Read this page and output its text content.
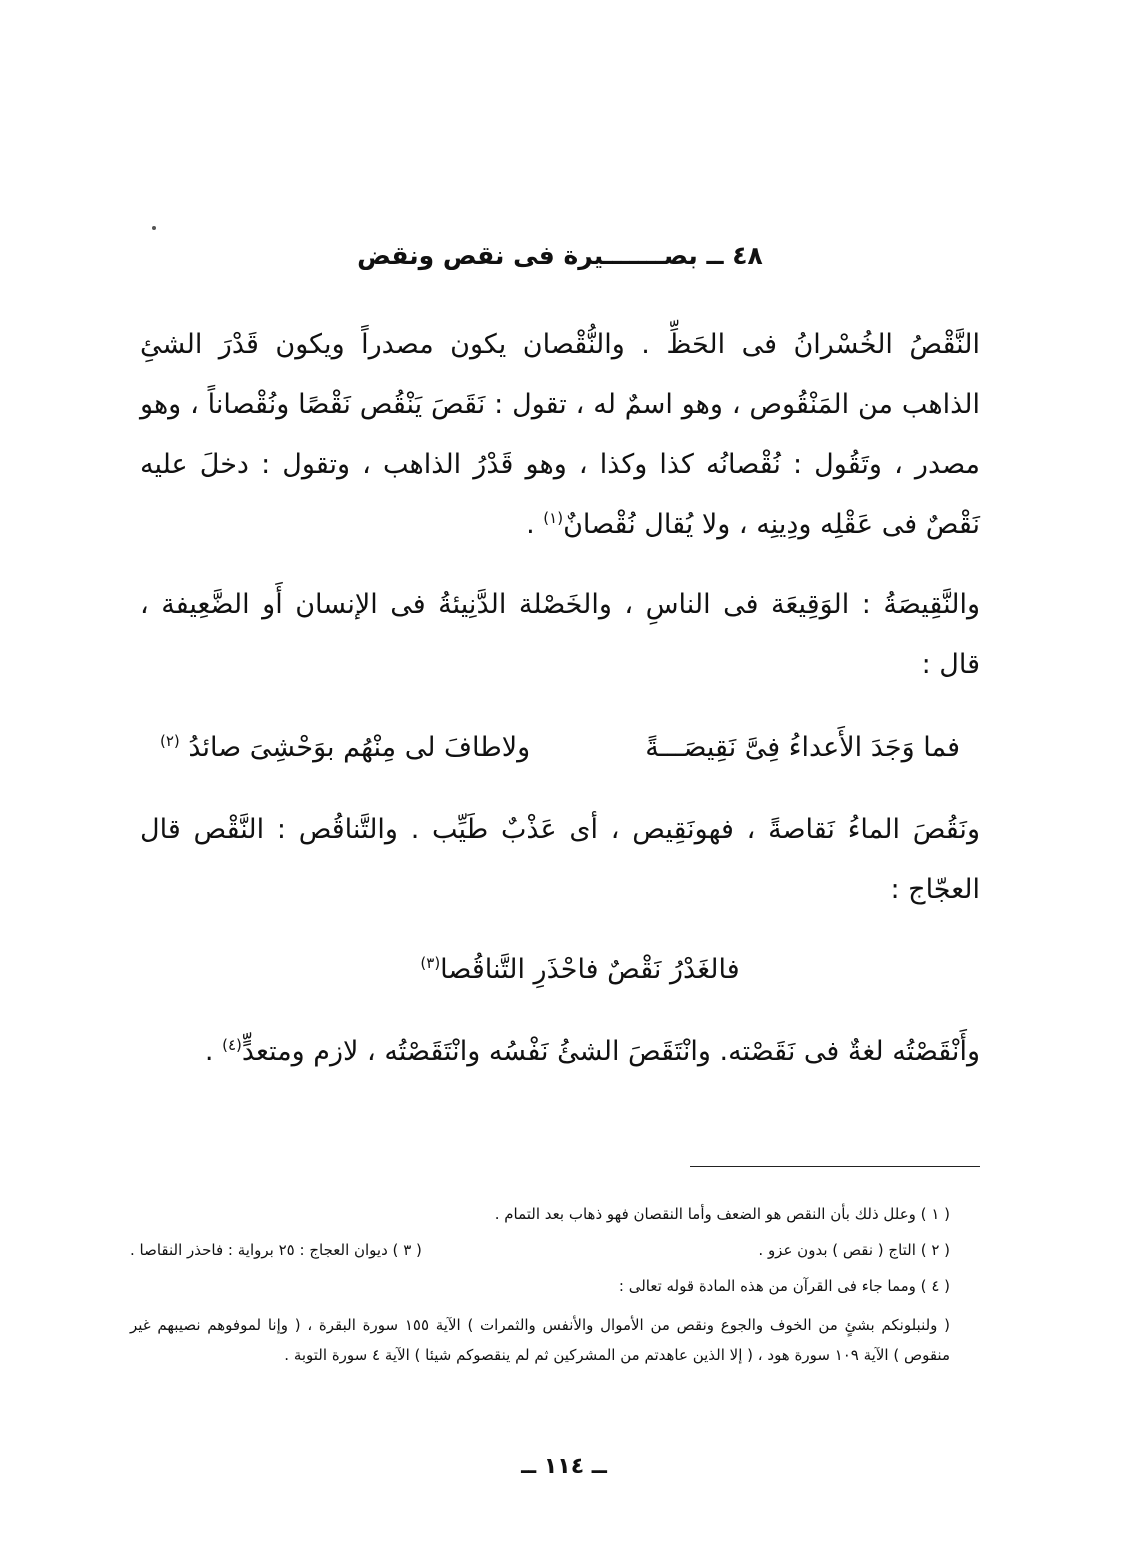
٤٨ ــ بصـــــــيرة فى نقص ونقض
النَّقْصُ الخُسْرانُ فى الحَظِّ . والنُّقْصان يكون مصدراً ويكون قَدْرَ الشئِ الذاهب من المَنْقُوص ، وهو اسمٌ له ، تقول : نَقَصَ يَنْقُص نَقْصًا ونُقْصاناً ، وهو مصدر ، وتَقُول : نُقْصانُه كذا وكذا ، وهو قَدْرُ الذاهب ، وتقول : دخلَ عليه نَقْصٌ فى عَقْلِه ودِينِه ، ولا يُقال نُقْصانٌ$^{(١)}$ .
والنَّقِيصَةُ : الوَقِيعَة فى الناسِ ، والخَصْلة الدَّنِيئةُ فى الإنسان أَو الضَّعِيفة ، قال :
فما وَجَدَ الأَعداءُ فِىَّ نَقِيصَـــةً
ولاطافَ لى مِنْهُم بوَحْشِىَ صائدُ $^{(٢)}$
ونَقُصَ الماءُ نَقاصةً ، فهونَقِيص ، أى عَذْبٌ طَيِّب . والتَّناقُص : النَّقْص قال العجّاج :
فالغَدْرُ نَقْصٌ فاحْذَرِ التَّناقُصا$^{(٣)}$
وأَنْقَصْتُه لغةٌ فى نَقَصْته. وانْتَقَصَ الشئُ نَفْسُه وانْتَقَصْتُه ، لازم ومتعدٍّ$^{(٤)}$ .
( ١ ) وعلل ذلك بأن النقص هو الضعف وأما النقصان فهو ذهاب بعد التمام .
( ٢ ) التاج ( نقص ) بدون عزو .
( ٣ ) ديوان العجاج : ٢٥ برواية : فاحذر النقاصا .
( ٤ ) ومما جاء فى القرآن من هذه المادة قوله تعالى :
( ولنبلونكم بشئٍ من الخوف والجوع ونقص من الأموال والأنفس والثمرات ) الآية ١٥٥ سورة البقرة ، ( وإنا لموفوهم نصيبهم غير منقوص ) الآية ١٠٩ سورة هود ، ( إلا الذين عاهدتم من المشركين ثم لم ينقصوكم شيئا ) الآية ٤ سورة التوبة .
ــ ١١٤ ــ
